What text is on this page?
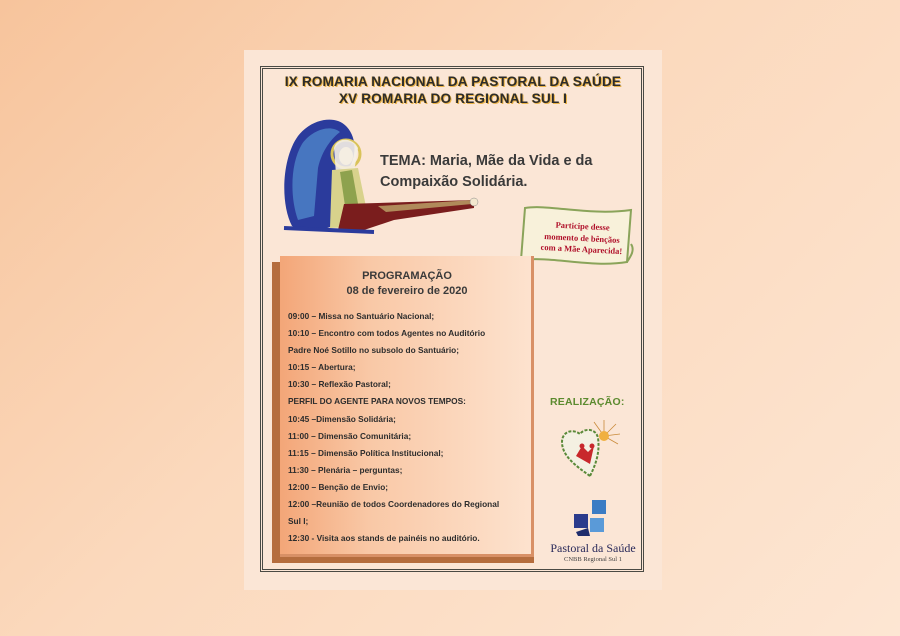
IX ROMARIA NACIONAL DA PASTORAL DA SAÚDE
XV ROMARIA DO REGIONAL SUL I
TEMA: Maria, Mãe da Vida e da
Compaixão Solidária.
Participe desse
momento de bênçãos
com a Mãe Aparecida!
PROGRAMAÇÃO
08 de fevereiro de 2020
09:00 – Missa no Santuário Nacional;
10:10 – Encontro com todos Agentes no Auditório
Padre Noé Sotillo no subsolo do Santuário;
10:15 – Abertura;
10:30 – Reflexão Pastoral;
PERFIL DO AGENTE PARA NOVOS TEMPOS:
10:45 –Dimensão Solidária;
11:00 – Dimensão Comunitária;
11:15 – Dimensão Política Institucional;
11:30 – Plenária – perguntas;
12:00 – Benção de Envio;
12:00 –Reunião de todos Coordenadores do Regional
Sul I;
12:30 - Visita aos stands de painéis no auditório.
REALIZAÇÃO:
Pastoral da Saúde
CNBB Regional Sul 1
